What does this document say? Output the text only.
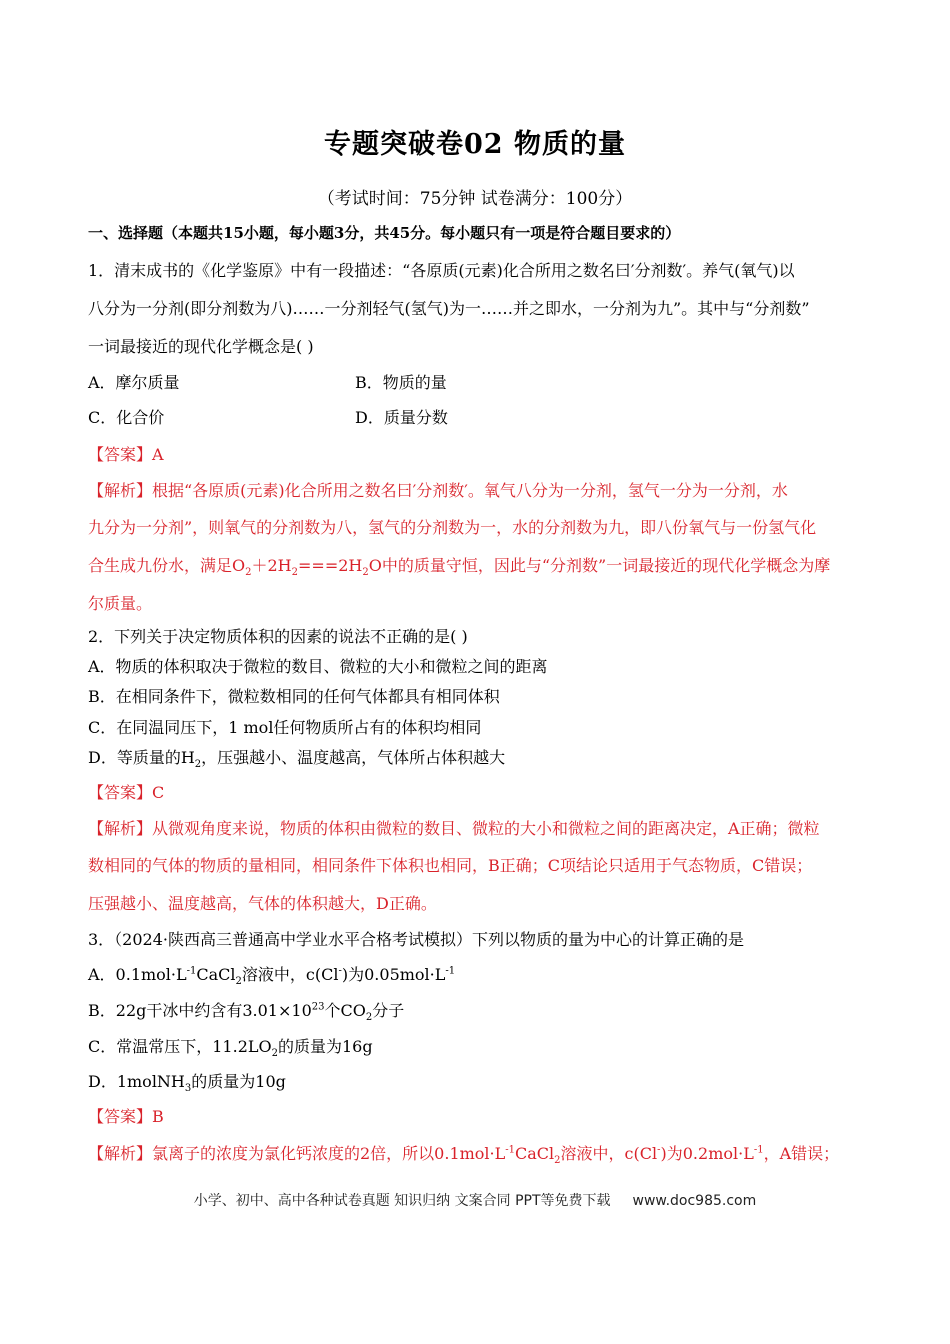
专题突破卷02 物质的量
（考试时间：75分钟 试卷满分：100分）
一、选择题（本题共15小题，每小题3分，共45分。每小题只有一项是符合题目要求的）
1．清末成书的《化学鉴原》中有一段描述：“各原质(元素)化合所用之数名曰′分剂数′。养气(氧气)以
八分为一分剂(即分剂数为八)……一分剂轻气(氢气)为一……并之即水，一分剂为九”。其中与“分剂数”
一词最接近的现代化学概念是( )
A．摩尔质量	B．物质的量
C．化合价	D．质量分数
【答案】A
【解析】根据“各原质(元素)化合所用之数名曰′分剂数′。氧气八分为一分剂，氢气一分为一分剂，水
九分为一分剂”，则氧气的分剂数为八，氢气的分剂数为一，水的分剂数为九，即八份氧气与一份氢气化
合生成九份水，满足$O_2+2H_2===2H_2O$中的质量守恒，因此与“分剂数”一词最接近的现代化学概念为摩
尔质量。
2．下列关于决定物质体积的因素的说法不正确的是( )
A．物质的体积取决于微粒的数目、微粒的大小和微粒之间的距离
B．在相同条件下，微粒数相同的任何气体都具有相同体积
C．在同温同压下，1 mol任何物质所占有的体积均相同
D．等质量的$H_2$，压强越小、温度越高，气体所占体积越大
【答案】C
【解析】从微观角度来说，物质的体积由微粒的数目、微粒的大小和微粒之间的距离决定，A正确；微粒
数相同的气体的物质的量相同，相同条件下体积也相同，B正确；C项结论只适用于气态物质，C错误；
压强越小、温度越高，气体的体积越大，D正确。
3．（2024·陕西高三普通高中学业水平合格考试模拟）下列以物质的量为中心的计算正确的是
A．$0.1mol\cdot L^{-1}CaCl_2$溶液中，c(Cl-)为$0.05mol\cdot L^{-1}$
B．22g干冰中约含有$3.01\times 10^{23}$个$CO_2$分子
C．常温常压下，$11.2LO_2$的质量为16g
D．1molNH$_3$的质量为10g
【答案】B
【解析】氯离子的浓度为氯化钙浓度的2倍，所以$0.1mol\cdot L^{-1}CaCl_2$溶液中，c(Cl-)为$0.2mol\cdot L^{-1}$，A错误；
小学、初中、高中各种试卷真题 知识归纳 文案合同 PPT等免费下载 www.doc985.com
